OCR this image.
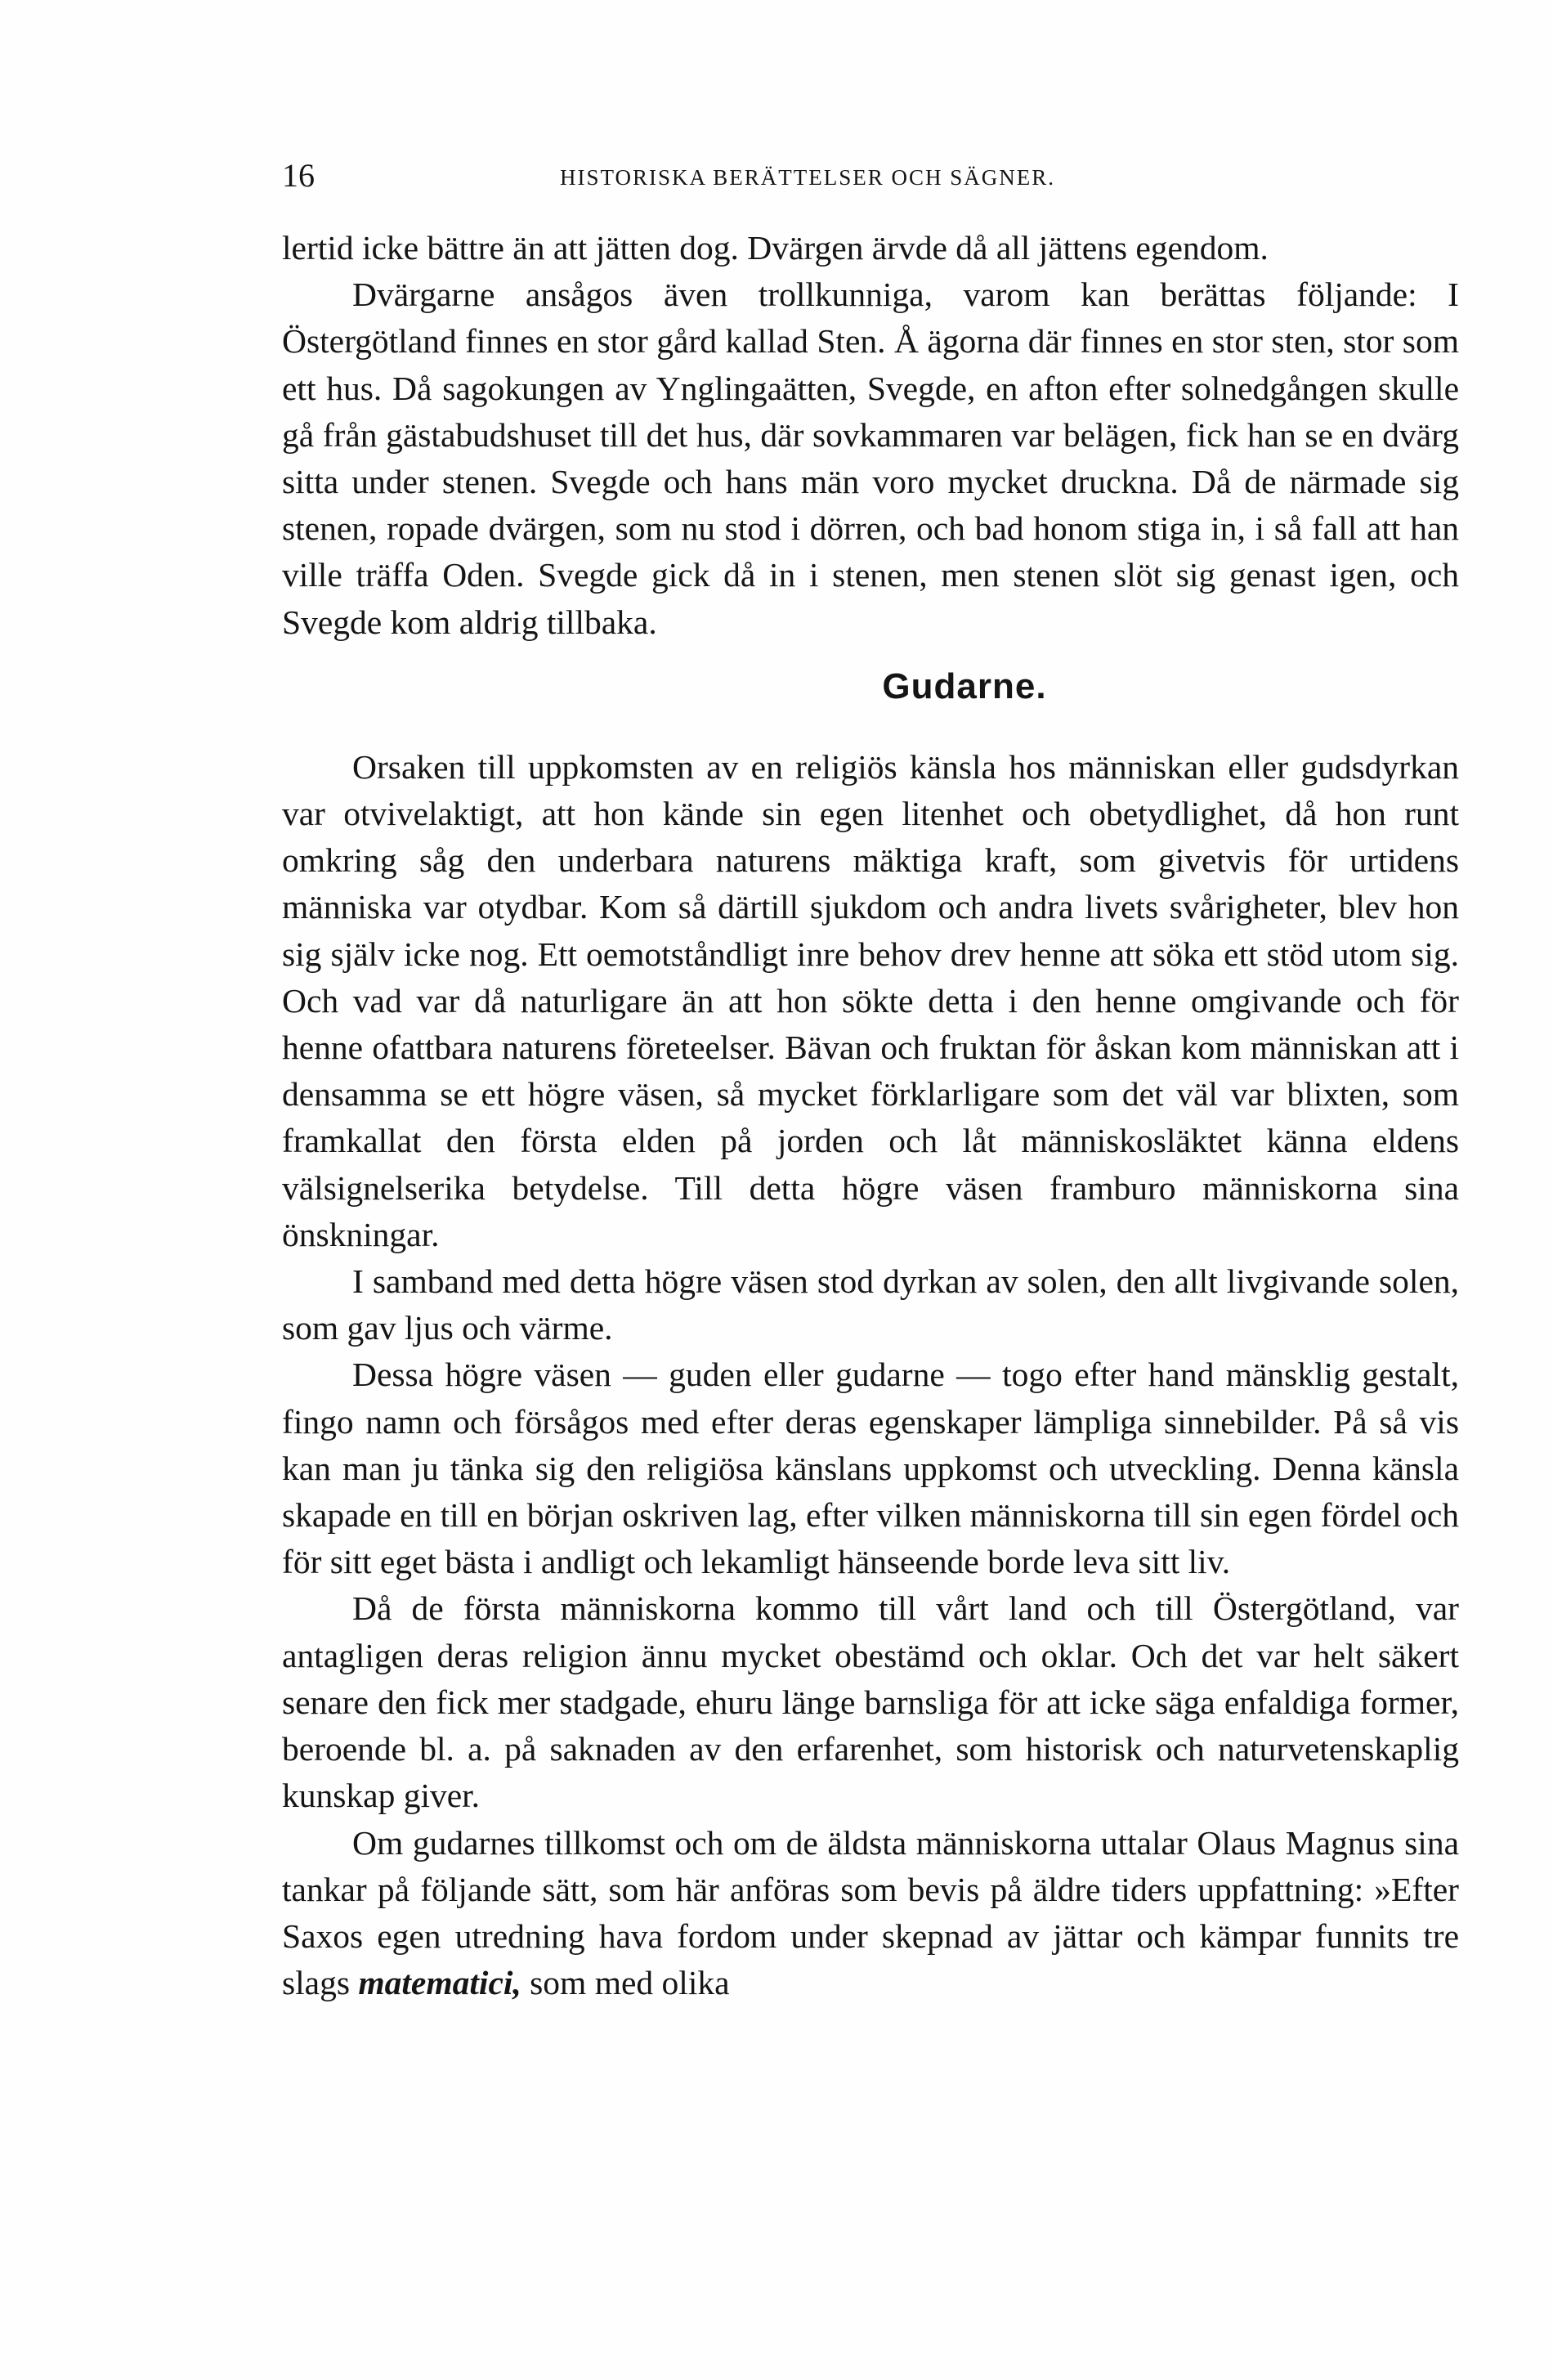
16	HISTORISKA BERÄTTELSER OCH SÄGNER.

lertid icke bättre än att jätten dog. Dvärgen ärvde då all jättens egendom.

Dvärgarne ansågos även trollkunniga, varom kan berättas följande: I Östergötland finnes en stor gård kallad Sten. Å ägorna där finnes en stor sten, stor som ett hus. Då sagokungen av Ynglingaätten, Svegde, en afton efter solnedgången skulle gå från gästabudshuset till det hus, där sovkammaren var belägen, fick han se en dvärg sitta under stenen. Svegde och hans män voro mycket druckna. Då de närmade sig stenen, ropade dvärgen, som nu stod i dörren, och bad honom stiga in, i så fall att han ville träffa Oden. Svegde gick då in i stenen, men stenen slöt sig genast igen, och Svegde kom aldrig tillbaka.

Gudarne.

Orsaken till uppkomsten av en religiös känsla hos människan eller gudsdyrkan var otvivelaktigt, att hon kände sin egen litenhet och obetydlighet, då hon runt omkring såg den underbara naturens mäktiga kraft, som givetvis för urtidens människa var otydbar. Kom så därtill sjukdom och andra livets svårigheter, blev hon sig själv icke nog. Ett oemotståndligt inre behov drev henne att söka ett stöd utom sig. Och vad var då naturligare än att hon sökte detta i den henne omgivande och för henne ofattbara naturens företeelser. Bävan och fruktan för åskan kom människan att i densamma se ett högre väsen, så mycket förklarligare som det väl var blixten, som framkallat den första elden på jorden och låt människosläktet känna eldens välsignelserika betydelse. Till detta högre väsen framburo människorna sina önskningar.

I samband med detta högre väsen stod dyrkan av solen, den allt livgivande solen, som gav ljus och värme.

Dessa högre väsen — guden eller gudarne — togo efter hand mänsklig gestalt, fingo namn och försågos med efter deras egenskaper lämpliga sinnebilder. På så vis kan man ju tänka sig den religiösa känslans uppkomst och utveckling. Denna känsla skapade en till en början oskriven lag, efter vilken människorna till sin egen fördel och för sitt eget bästa i andligt och lekamligt hänseende borde leva sitt liv.

Då de första människorna kommo till vårt land och till Östergötland, var antagligen deras religion ännu mycket obestämd och oklar. Och det var helt säkert senare den fick mer stadgade, ehuru länge barnsliga för att icke säga enfaldiga former, beroende bl. a. på saknaden av den erfarenhet, som historisk och naturvetenskaplig kunskap giver.

Om gudarnes tillkomst och om de äldsta människorna uttalar Olaus Magnus sina tankar på följande sätt, som här anföras som bevis på äldre tiders uppfattning: »Efter Saxos egen utredning hava fordom under skepnad av jättar och kämpar funnits tre slags matematici, som med olika
